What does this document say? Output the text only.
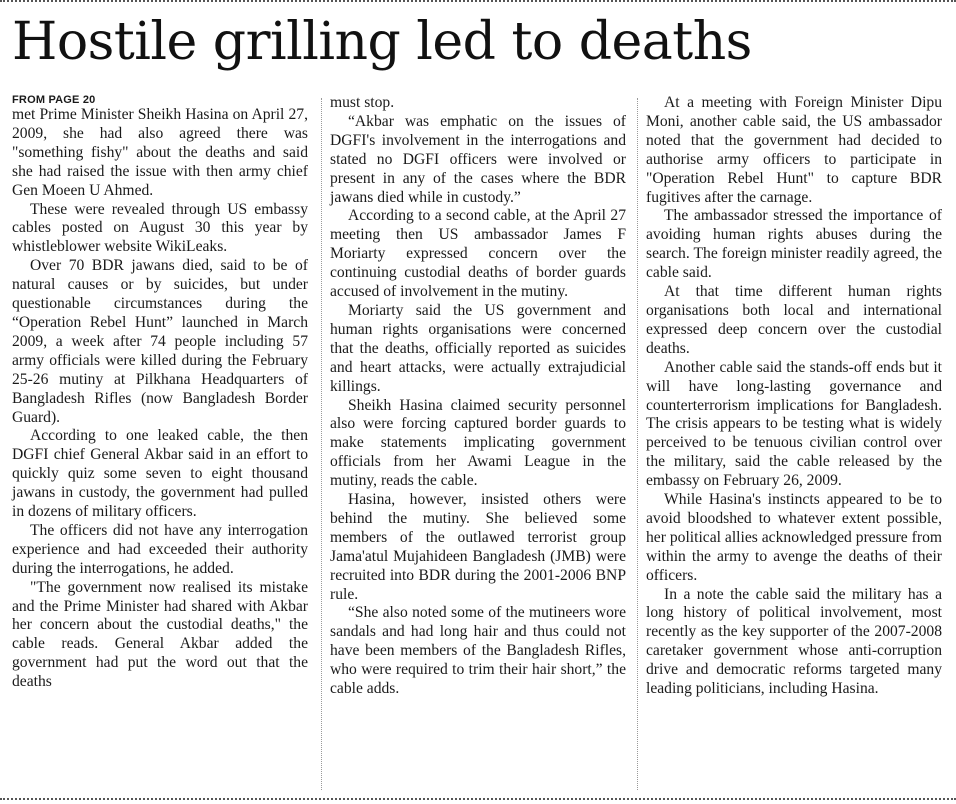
Hostile grilling led to deaths
FROM PAGE 20

met Prime Minister Sheikh Hasina on April 27, 2009, she had also agreed there was "something fishy" about the deaths and said she had raised the issue with then army chief Gen Moeen U Ahmed.

These were revealed through US embassy cables posted on August 30 this year by whistleblower website WikiLeaks.

Over 70 BDR jawans died, said to be of natural causes or by suicides, but under questionable circumstances during the “Operation Rebel Hunt” launched in March 2009, a week after 74 people including 57 army officials were killed during the February 25-26 mutiny at Pilkhana Headquarters of Bangladesh Rifles (now Bangladesh Border Guard).

According to one leaked cable, the then DGFI chief General Akbar said in an effort to quickly quiz some seven to eight thousand jawans in custody, the government had pulled in dozens of military officers.

The officers did not have any interrogation experience and had exceeded their authority during the interrogations, he added.

"The government now realised its mistake and the Prime Minister had shared with Akbar her concern about the custodial deaths," the cable reads. General Akbar added the government had put the word out that the deaths

must stop.

“Akbar was emphatic on the issues of DGFI's involvement in the interrogations and stated no DGFI officers were involved or present in any of the cases where the BDR jawans died while in custody.”

According to a second cable, at the April 27 meeting then US ambassador James F Moriarty expressed concern over the continuing custodial deaths of border guards accused of involvement in the mutiny.

Moriarty said the US government and human rights organisations were concerned that the deaths, officially reported as suicides and heart attacks, were actually extrajudicial killings.

Sheikh Hasina claimed security personnel also were forcing captured border guards to make statements implicating government officials from her Awami League in the mutiny, reads the cable.

Hasina, however, insisted others were behind the mutiny. She believed some members of the outlawed terrorist group Jama'atul Mujahideen Bangladesh (JMB) were recruited into BDR during the 2001-2006 BNP rule.

“She also noted some of the mutineers wore sandals and had long hair and thus could not have been members of the Bangladesh Rifles, who were required to trim their hair short,” the cable adds.

At a meeting with Foreign Minister Dipu Moni, another cable said, the US ambassador noted that the government had decided to authorise army officers to participate in "Operation Rebel Hunt" to capture BDR fugitives after the carnage.

The ambassador stressed the importance of avoiding human rights abuses during the search. The foreign minister readily agreed, the cable said.

At that time different human rights organisations both local and international expressed deep concern over the custodial deaths.

Another cable said the stands-off ends but it will have long-lasting governance and counterterrorism implications for Bangladesh. The crisis appears to be testing what is widely perceived to be tenuous civilian control over the military, said the cable released by the embassy on February 26, 2009.

While Hasina's instincts appeared to be to avoid bloodshed to whatever extent possible, her political allies acknowledged pressure from within the army to avenge the deaths of their officers.

In a note the cable said the military has a long history of political involvement, most recently as the key supporter of the 2007-2008 caretaker government whose anti-corruption drive and democratic reforms targeted many leading politicians, including Hasina.
